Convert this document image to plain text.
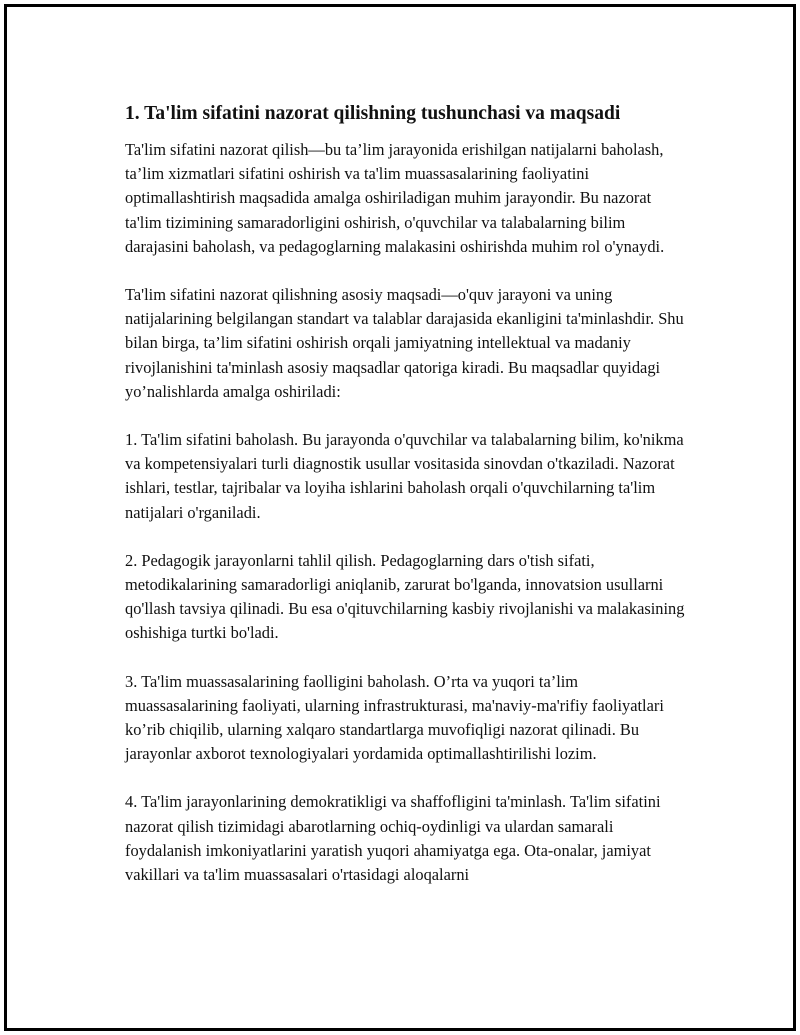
1. Ta'lim sifatini nazorat qilishning tushunchasi va maqsadi

Ta'lim sifatini nazorat qilish—bu ta’lim jarayonida erishilgan natijalarni baholash, ta’lim xizmatlari sifatini oshirish va ta'lim muassasalarining faoliyatini optimallashtirish maqsadida amalga oshiriladigan muhim jarayondir. Bu nazorat ta'lim tizimining samaradorligini oshirish, o'quvchilar va talabalarning bilim darajasini baholash, va pedagoglarning malakasini oshirishda muhim rol o'ynaydi.

Ta'lim sifatini nazorat qilishning asosiy maqsadi—o'quv jarayoni va uning natijalarining belgilangan standart va talablar darajasida ekanligini ta'minlashdir. Shu bilan birga, ta’lim sifatini oshirish orqali jamiyatning intellektual va madaniy rivojlanishini ta'minlash asosiy maqsadlar qatoriga kiradi. Bu maqsadlar quyidagi yo’nalishlarda amalga oshiriladi:

1. Ta'lim sifatini baholash. Bu jarayonda o'quvchilar va talabalarning bilim, ko'nikma va kompetensiyalari turli diagnostik usullar vositasida sinovdan o'tkaziladi. Nazorat ishlari, testlar, tajribalar va loyiha ishlarini baholash orqali o'quvchilarning ta'lim natijalari o'rganiladi.

2. Pedagogik jarayonlarni tahlil qilish. Pedagoglarning dars o'tish sifati, metodikalarining samaradorligi aniqlanib, zarurat bo'lganda, innovatsion usullarni qo'llash tavsiya qilinadi. Bu esa o'qituvchilarning kasbiy rivojlanishi va malakasining oshishiga turtki bo'ladi.

3. Ta'lim muassasalarining faolligini baholash. O’rta va yuqori ta’lim muassasalarining faoliyati, ularning infrastrukturasi, ma'naviy-ma'rifiy faoliyatlari ko’rib chiqilib, ularning xalqaro standartlarga muvofiqligi nazorat qilinadi. Bu jarayonlar axborot texnologiyalari yordamida optimallashtirilishi lozim.

4. Ta'lim jarayonlarining demokratikligi va shaffofligini ta'minlash. Ta'lim sifatini nazorat qilish tizimidagi abarotlarning ochiq-oydinligi va ulardan samarali foydalanish imkoniyatlarini yaratish yuqori ahamiyatga ega. Ota-onalar, jamiyat vakillari va ta'lim muassasalari o'rtasidagi aloqalarni
